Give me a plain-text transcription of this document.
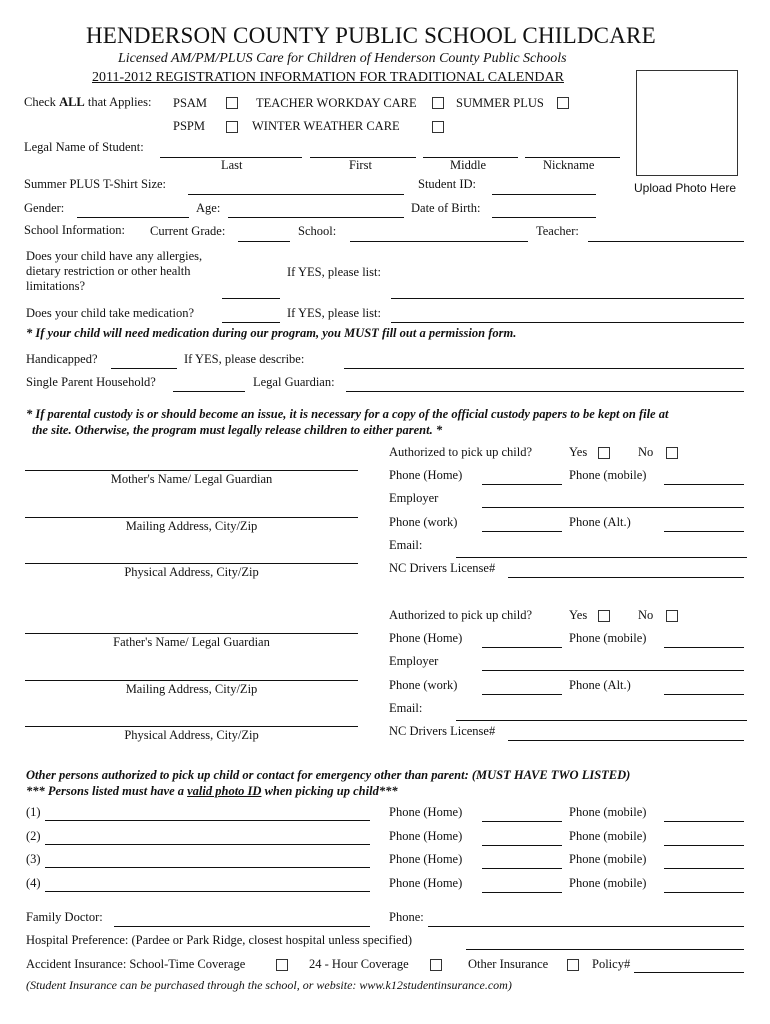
HENDERSON COUNTY PUBLIC SCHOOL CHILDCARE
Licensed AM/PM/PLUS Care for Children of Henderson County Public Schools
2011-2012 REGISTRATION INFORMATION FOR TRADITIONAL CALENDAR
Upload Photo Here
Check ALL that Applies: PSAM	TEACHER WORKDAY CARE	SUMMER PLUS
PSPM	WINTER WEATHER CARE
Legal Name of Student:
Last	First	Middle	Nickname
Summer PLUS T-Shirt Size:	Student ID:
Gender:	Age:	Date of Birth:
School Information: Current Grade:	School:	Teacher:
Does your child have any allergies,
dietary restriction or other health
limitations?
If YES, please list:
Does your child take medication?	If YES, please list:
* If your child will need medication during our program, you MUST fill out a permission form.
Handicapped?	If YES, please describe:
Single Parent Household?	Legal Guardian:
* If parental custody is or should become an issue, it is necessary for a copy of the official custody papers to be kept on file at
the site. Otherwise, the program must legally release children to either parent. *
Mother's Name/ Legal Guardian
Mailing Address, City/Zip
Physical Address, City/Zip
Authorized to pick up child?	Yes	No
Phone (Home)	Phone (mobile)
Employer
Phone (work)	Phone (Alt.)
Email:
NC Drivers License#
Father's Name/ Legal Guardian
Mailing Address, City/Zip
Physical Address, City/Zip
Authorized to pick up child?	Yes	No
Phone (Home)	Phone (mobile)
Employer
Phone (work)	Phone (Alt.)
Email:
NC Drivers License#
Other persons authorized to pick up child or contact for emergency other than parent: (MUST HAVE TWO LISTED)
*** Persons listed must have a valid photo ID when picking up child***
(1)	Phone (Home)	Phone (mobile)
(2)	Phone (Home)	Phone (mobile)
(3)	Phone (Home)	Phone (mobile)
(4)	Phone (Home)	Phone (mobile)
Family Doctor:	Phone:
Hospital Preference: (Pardee or Park Ridge, closest hospital unless specified)
Accident Insurance: School-Time Coverage	24 - Hour Coverage	Other Insurance	Policy#
(Student Insurance can be purchased through the school, or website: www.k12studentinsurance.com)
